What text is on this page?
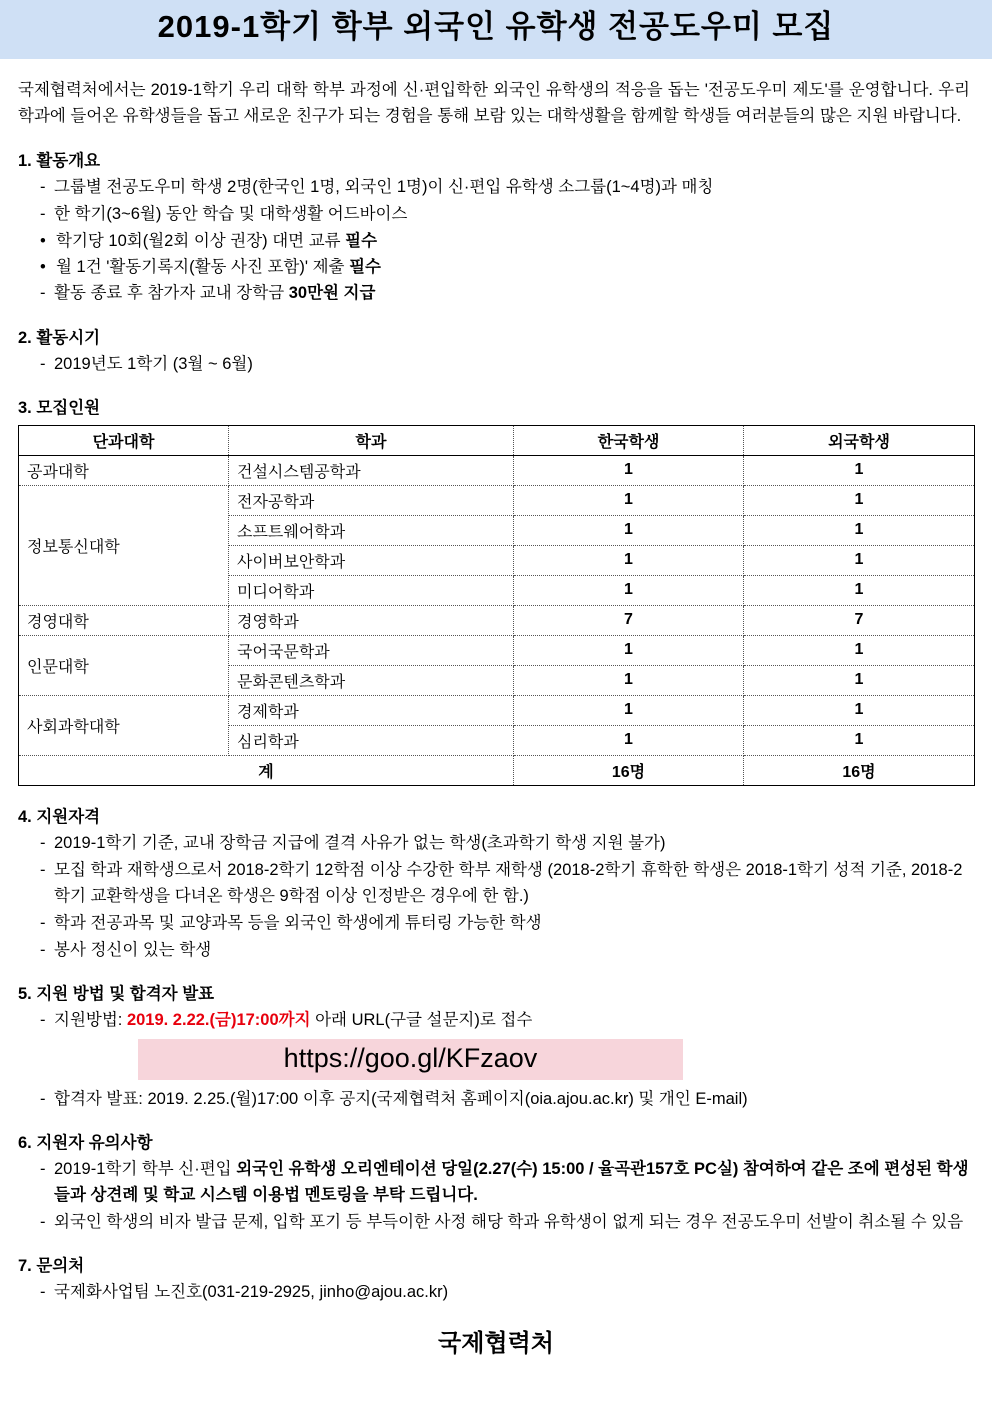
2019-1학기 학부 외국인 유학생 전공도우미 모집

국제협력처에서는 2019-1학기 우리 대학 학부 과정에 신·편입학한 외국인 유학생의 적응을 돕는 '전공도우미 제도'를 운영합니다. 우리 학과에 들어온 유학생들을 돕고 새로운 친구가 되는 경험을 통해 보람 있는 대학생활을 함께할 학생들 여러분들의 많은 지원 바랍니다.

1. 활동개요
- 그룹별 전공도우미 학생 2명(한국인 1명, 외국인 1명)이 신·편입 유학생 소그룹(1~4명)과 매칭
- 한 학기(3~6월) 동안 학습 및 대학생활 어드바이스
• 학기당 10회(월2회 이상 권장) 대면 교류 필수
• 월 1건 '활동기록지(활동 사진 포함)' 제출 필수
- 활동 종료 후 참가자 교내 장학금 30만원 지급
2. 활동시기
- 2019년도 1학기 (3월 ~ 6월)
3. 모집인원
단과대학	학과	한국학생	외국학생
공과대학	건설시스템공학과	1	1
정보통신대학	전자공학과	1	1
	소프트웨어학과	1	1
	사이버보안학과	1	1
	미디어학과	1	1
경영대학	경영학과	7	7
인문대학	국어국문학과	1	1
	문화콘텐츠학과	1	1
사회과학대학	경제학과	1	1
	심리학과	1	1
계		16명	16명
4. 지원자격
- 2019-1학기 기준, 교내 장학금 지급에 결격 사유가 없는 학생(초과학기 학생 지원 불가)
- 모집 학과 재학생으로서 2018-2학기 12학점 이상 수강한 학부 재학생 (2018-2학기 휴학한 학생은 2018-1학기 성적 기준, 2018-2학기 교환학생을 다녀온 학생은 9학점 이상 인정받은 경우에 한 함.)
- 학과 전공과목 및 교양과목 등을 외국인 학생에게 튜터링 가능한 학생
- 봉사 정신이 있는 학생
5. 지원 방법 및 합격자 발표
- 지원방법: 2019. 2.22.(금)17:00까지 아래 URL(구글 설문지)로 접수
https://goo.gl/KFzaov
- 합격자 발표: 2019. 2.25.(월)17:00 이후 공지(국제협력처 홈페이지(oia.ajou.ac.kr) 및 개인 E-mail)
6. 지원자 유의사항
- 2019-1학기 학부 신·편입 외국인 유학생 오리엔테이션 당일(2.27(수) 15:00 / 율곡관157호 PC실) 참여하여 같은 조에 편성된 학생들과 상견례 및 학교 시스템 이용법 멘토링을 부탁 드립니다.
- 외국인 학생의 비자 발급 문제, 입학 포기 등 부득이한 사정 해당 학과 유학생이 없게 되는 경우 전공도우미 선발이 취소될 수 있음
7. 문의처
- 국제화사업팀 노진호(031-219-2925, jinho@ajou.ac.kr)
국제협력처
